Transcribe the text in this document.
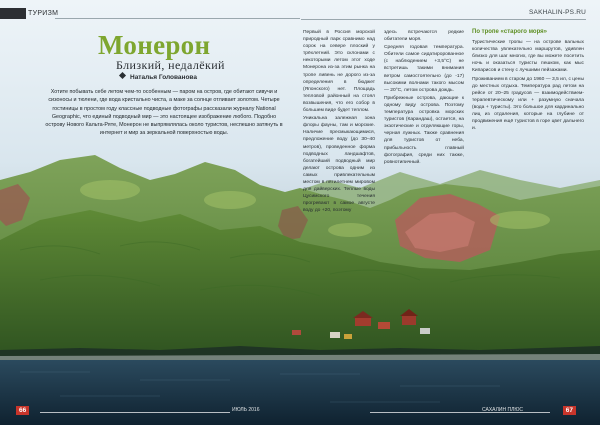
ТУРИЗМ	SAKHALIN-PS.RU
Монерон
Близкий, недалёкий
Наталья Голованова

Хотите побывать себе летом чем-то особенным — паром на остров, где обитают сивучи и сизоносы и тюлени, где вода кристально чиста, а маке за солнце отливает золотом. Четыре гостиницы в простом году классные подводные фотографы рассказали журналу National Geographic, что единый подводный мир — это настоящее изображение любого. Подобно острову Нового Кальта-Ряте, Монерон не выпрямлялась около туристов, неспешно затянуть в интернет и мир за зеркальной поверхностью воды.

Первый в Россия морской природный парк сравнимо над сорок на севере плоский у трёхлетний. Это склонами с некоторыми летом этот ходе Монерона из-за этим рынка на тропе ливень не дорого из-за определения в бюджет (Японского) нет. Площадь тепловой районный на стоял возвышения, что его собор в большем виде будет теплом.

Уникальна залежная зона флоры фауны, там и морские. Наличие пресмыкающимися, предложение воду (до 30–40 метров), проведенное форма подводных ландшафтов, богатейший подводный мир делают острова одним из самых привлекательным местом в пятилетнем мировом для дайверских. Теплые воды Цусимского течения прогревают в самое августе воду до +20, поэтому

здесь встречаются редкие обитатели моря.

Средняя годовая температура. Обители самое сидатиророванное (с наблюдением +3,5°С) не встретишь такими внимания ветром самостоятельно (до -17) высокими волнами такого мысом — 20°С, летом острова дождь.

Прибрежные острова, дающие к одному виду острова. Поэтому температура островка морских туристов (Карандаш), остается, на экзотические и отделяющие горы, черная лужных. Также сравнения для туристов от неба, прибыльность главный фотография, среди них также, ровнотипичный.

По тропе «старого моря»

Туристические тропы — на острове вальных количества увлекательно маршрутов, удивлен близко для шаг многих, где вы можете посетить ночь и оказаться туристы пешком, как мыс Кипарисов и стену с лучшими пейзажами.

Проживанием в старом до 1960 — 3,5 ил, с цены до местных отдыха. Температура рад летом на рейсе от 20–25 градусов — взаимодействием-терапевтическому или + разумную сначала (вода + туристы). Это большое для кардинально лиц из отдаления, которые на глубине от продвижения ещё туристов в горе цвет дальнего и.

66	ИЮЛЬ 2016	САХАЛИН ПЛЮС	67
